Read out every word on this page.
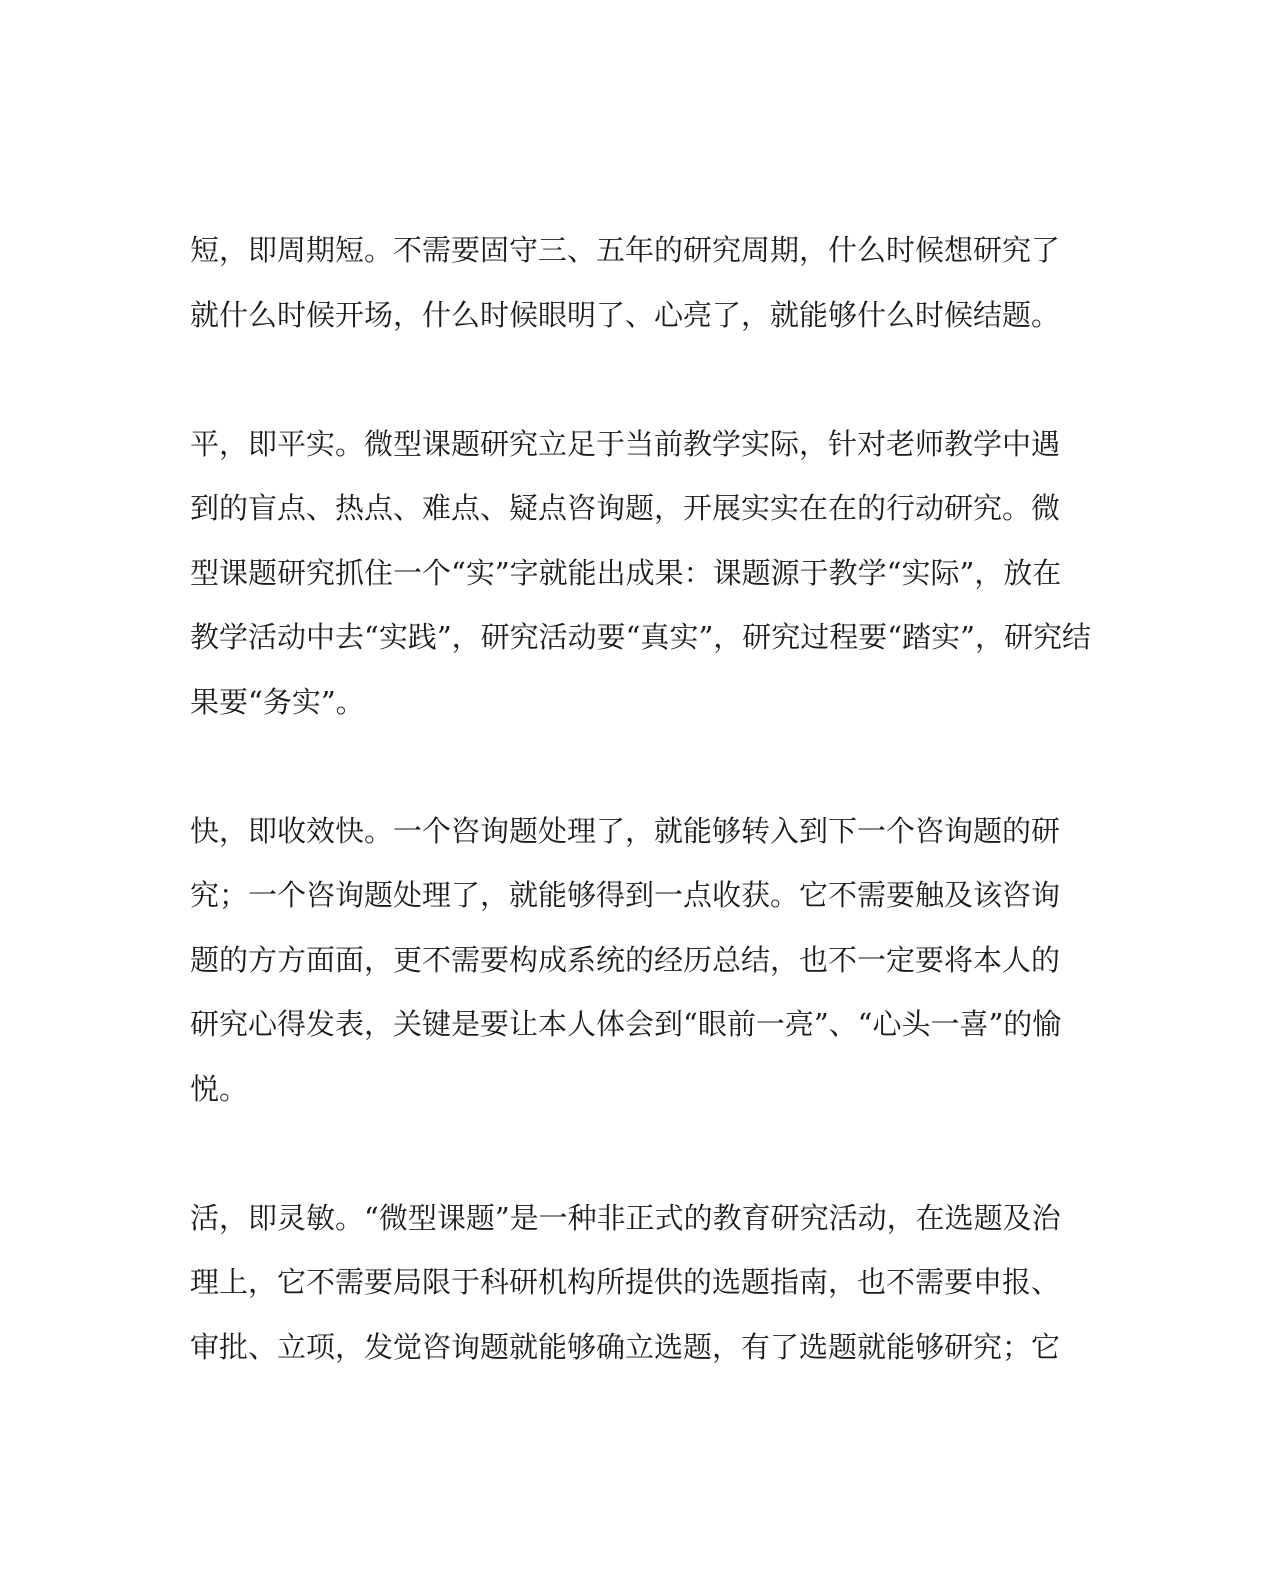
短，即周期短。不需要固守三、五年的研究周期，什么时候想研究了
就什么时候开场，什么时候眼明了、心亮了，就能够什么时候结题。

平，即平实。微型课题研究立足于当前教学实际，针对老师教学中遇
到的盲点、热点、难点、疑点咨询题，开展实实在在的行动研究。微
型课题研究抓住一个“实”字就能出成果：课题源于教学“实际”，放在
教学活动中去“实践”，研究活动要“真实”，研究过程要“踏实”，研究结
果要“务实”。

快，即收效快。一个咨询题处理了，就能够转入到下一个咨询题的研
究；一个咨询题处理了，就能够得到一点收获。它不需要触及该咨询
题的方方面面，更不需要构成系统的经历总结，也不一定要将本人的
研究心得发表，关键是要让本人体会到“眼前一亮”、“心头一喜”的愉
悦。

活，即灵敏。“微型课题”是一种非正式的教育研究活动，在选题及治
理上，它不需要局限于科研机构所提供的选题指南，也不需要申报、
审批、立项，发觉咨询题就能够确立选题，有了选题就能够研究；它
